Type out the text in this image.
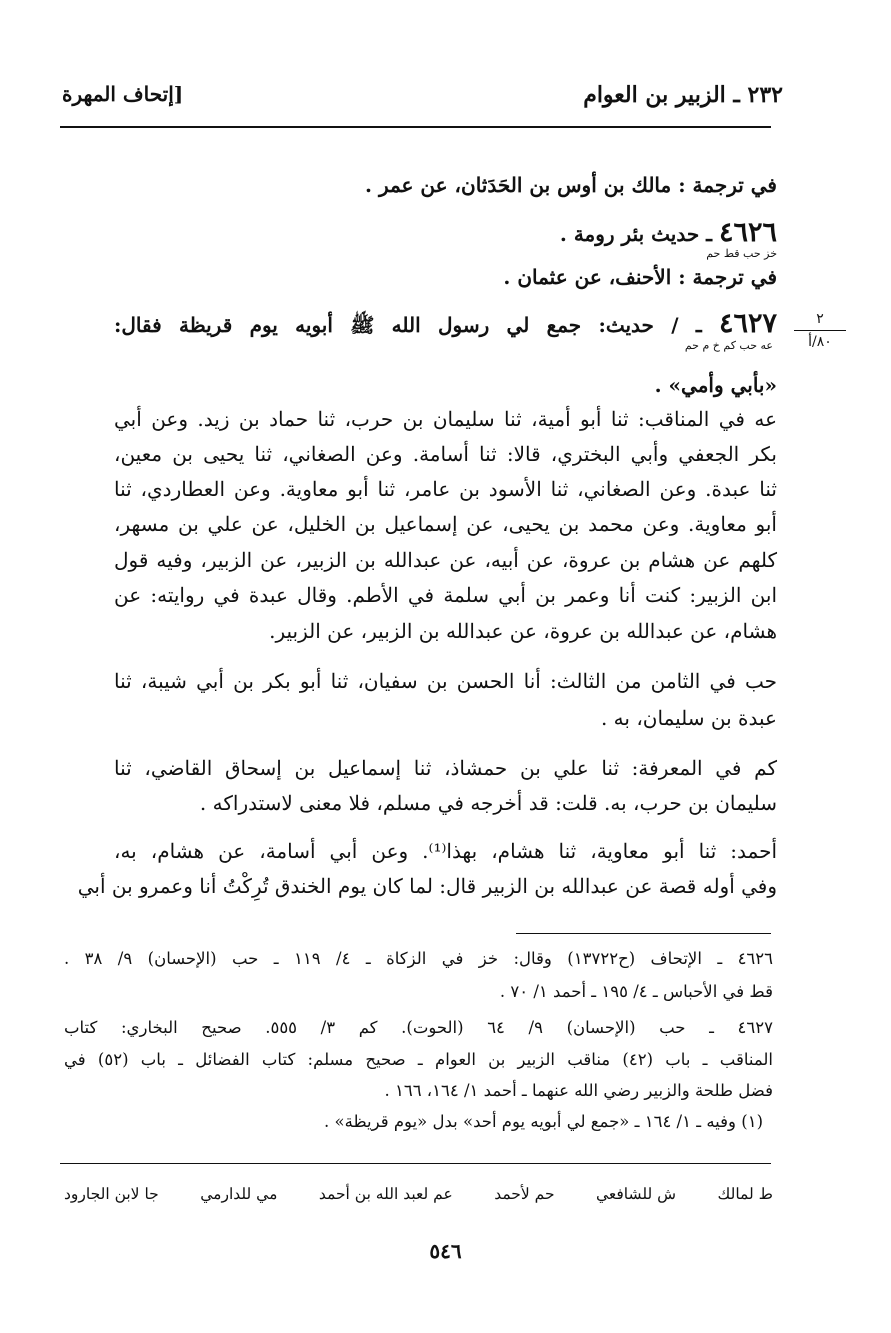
٢٣٢ ـ الزبير بن العوام
[إتحاف المهرة
٢
٨٠/أ
في ترجمة : مالك بن أوس بن الحَدَثان، عن عمر .
٤٦٢٦ ـ حديث بئر رومة .
خز حب قط حم
في ترجمة : الأحنف، عن عثمان .
٤٦٢٧ ـ / حديث: جمع لي رسول الله ﷺ أبويه يوم قريظة فقال:
عه حب كم خ م حم
«بأبي وأمي» .
عه في المناقب: ثنا أبو أمية، ثنا سليمان بن حرب، ثنا حماد بن زيد. وعن أبي
بكر الجعفي وأبي البختري، قالا: ثنا أسامة. وعن الصغاني، ثنا يحيى بن معين،
ثنا عبدة. وعن الصغاني، ثنا الأسود بن عامر، ثنا أبو معاوية. وعن العطاردي، ثنا
أبو معاوية. وعن محمد بن يحيى، عن إسماعيل بن الخليل، عن علي بن مسهر،
كلهم عن هشام بن عروة، عن أبيه، عن عبدالله بن الزبير، عن الزبير، وفيه قول
ابن الزبير: كنت أنا وعمر بن أبي سلمة في الأطم. وقال عبدة في روايته: عن
هشام، عن عبدالله بن عروة، عن عبدالله بن الزبير، عن الزبير.
حب في الثامن من الثالث: أنا الحسن بن سفيان، ثنا أبو بكر بن أبي شيبة، ثنا
عبدة بن سليمان، به .
كم في المعرفة: ثنا علي بن حمشاذ، ثنا إسماعيل بن إسحاق القاضي، ثنا
سليمان بن حرب، به. قلت: قد أخرجه في مسلم، فلا معنى لاستدراكه .
أحمد: ثنا أبو معاوية، ثنا هشام، بهذا⁽¹⁾. وعن أبي أسامة، عن هشام، به،
وفي أوله قصة عن عبدالله بن الزبير قال: لما كان يوم الخندق تُرِكْتُ أنا وعمرو بن أبي
٤٦٢٦ ـ الإتحاف (ح١٣٧٢٢) وقال: خز في الزكاة ـ ٤/ ١١٩ ـ حب (الإحسان) ٩/ ٣٨ .
قط في الأحباس ـ ٤/ ١٩٥ ـ أحمد ١/ ٧٠ .
٤٦٢٧ ـ حب (الإحسان) ٩/ ٦٤ (الحوت). كم ٣/ ٥٥٥. صحيح البخاري: كتاب
المناقب ـ باب (٤٢) مناقب الزبير بن العوام ـ صحيح مسلم: كتاب الفضائل ـ باب (٥٢) في
فضل طلحة والزبير رضي الله عنهما ـ أحمد ١/ ١٦٤، ١٦٦ .
(١) وفيه ـ ١/ ١٦٤ ـ «جمع لي أبويه يوم أحد» بدل «يوم قريظة» .
ط لمالك
ش للشافعي
حم لأحمد
عم لعبد الله بن أحمد
مي للدارمي
جا لابن الجارود
٥٤٦
